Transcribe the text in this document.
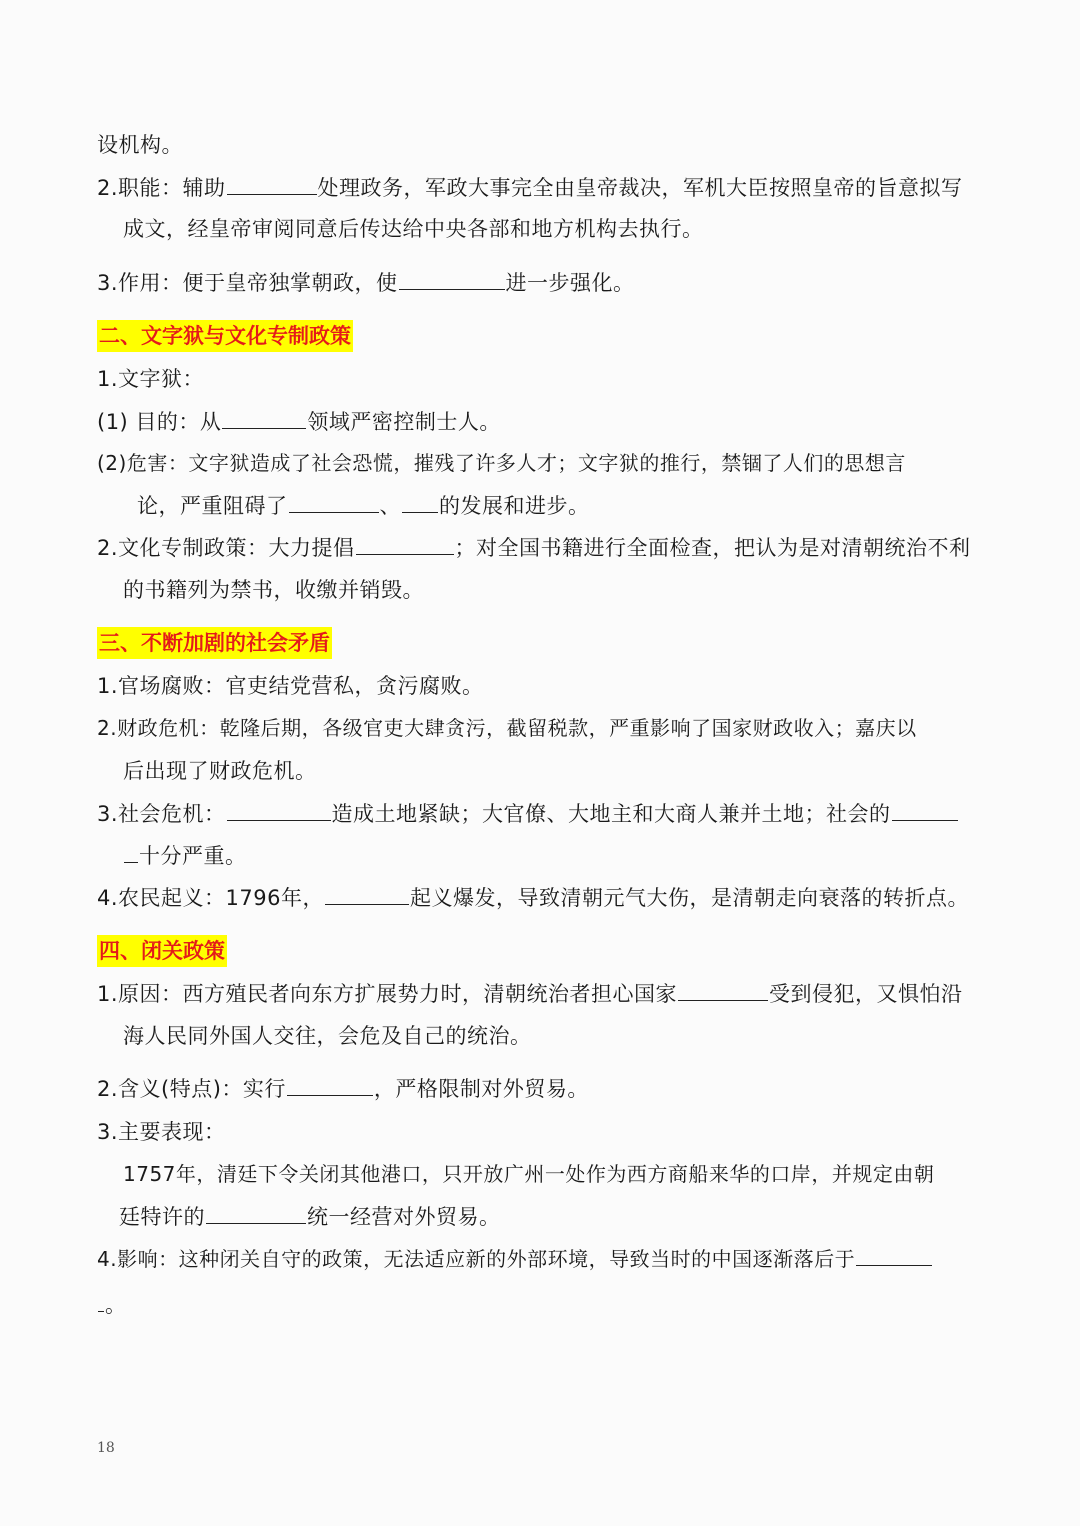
设机构。
2.职能：辅助	处理政务，军政大事完全由皇帝裁决，军机大臣按照皇帝的旨意拟写
成文，经皇帝审阅同意后传达给中央各部和地方机构去执行。
3.作用：便于皇帝独掌朝政，使	进一步强化。
二、文字狱与文化专制政策
1.文字狱：
(1) 目的：从	领域严密控制士人。
(2)危害：文字狱造成了社会恐慌，摧残了许多人才；文字狱的推行，禁锢了人们的思想言
论，严重阻碍了	、 的发展和进步。
2.文化专制政策：大力提倡	；对全国书籍进行全面检查，把认为是对清朝统治不利
的书籍列为禁书，收缴并销毁。
三、不断加剧的社会矛盾
1.官场腐败：官吏结党营私，贪污腐败。
2.财政危机：乾隆后期，各级官吏大肆贪污，截留税款，严重影响了国家财政收入；嘉庆以
后出现了财政危机。
3.社会危机：	造成土地紧缺；大官僚、大地主和大商人兼并土地；社会的
十分严重。
4.农民起义：1796年，	起义爆发，导致清朝元气大伤，是清朝走向衰落的转折点。
四、闭关政策
1.原因：西方殖民者向东方扩展势力时，清朝统治者担心国家	受到侵犯，又惧怕沿
海人民同外国人交往，会危及自己的统治。
2.含义(特点)：实行	，严格限制对外贸易。
3.主要表现：
1757年，清廷下令关闭其他港口，只开放广州一处作为西方商船来华的口岸，并规定由朝
廷特许的	统一经营对外贸易。
4.影响：这种闭关自守的政策，无法适应新的外部环境，导致当时的中国逐渐落后于
。
18
